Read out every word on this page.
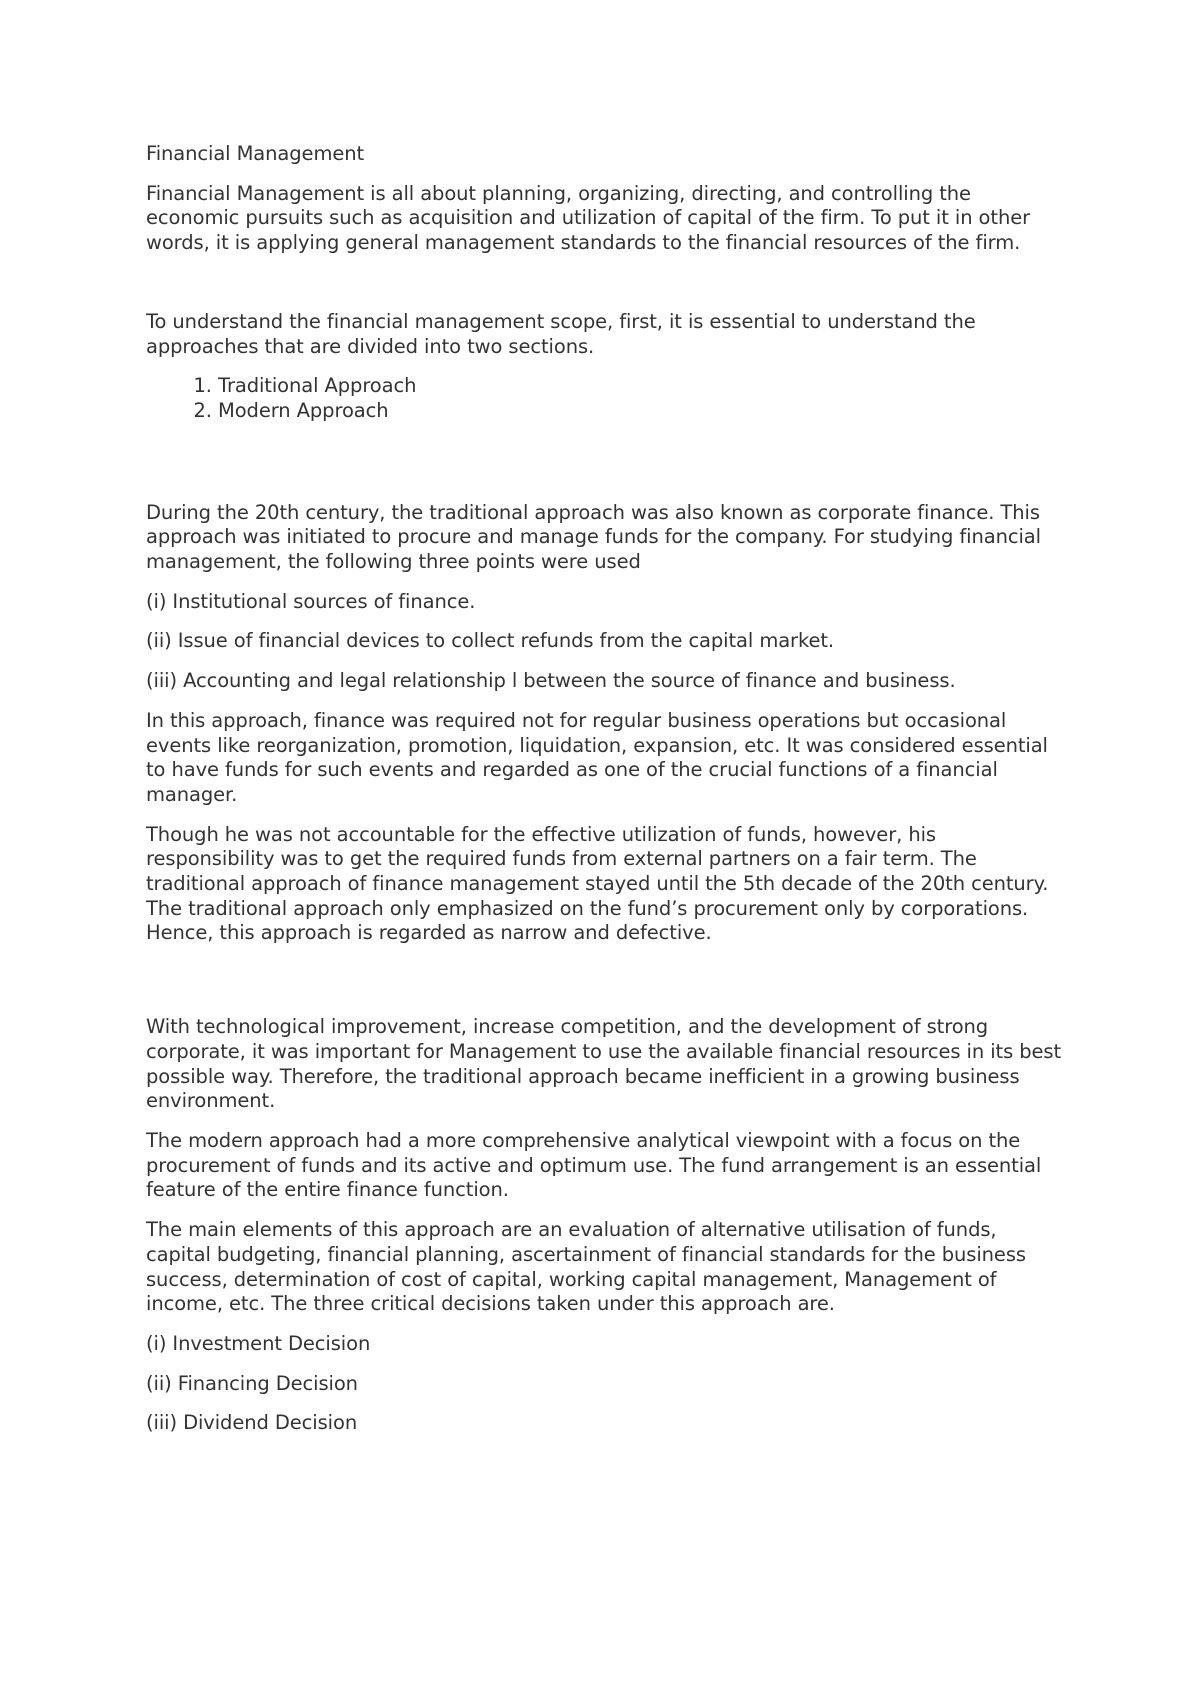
Financial Management

Financial Management is all about planning, organizing, directing, and controlling the economic pursuits such as acquisition and utilization of capital of the firm. To put it in other words, it is applying general management standards to the financial resources of the firm.

To understand the financial management scope, first, it is essential to understand the approaches that are divided into two sections.

1. Traditional Approach
2. Modern Approach

During the 20th century, the traditional approach was also known as corporate finance. This approach was initiated to procure and manage funds for the company. For studying financial management, the following three points were used

(i) Institutional sources of finance.

(ii) Issue of financial devices to collect refunds from the capital market.

(iii) Accounting and legal relationship l between the source of finance and business.

In this approach, finance was required not for regular business operations but occasional events like reorganization, promotion, liquidation, expansion, etc. It was considered essential to have funds for such events and regarded as one of the crucial functions of a financial manager.

Though he was not accountable for the effective utilization of funds, however, his responsibility was to get the required funds from external partners on a fair term. The traditional approach of finance management stayed until the 5th decade of the 20th century. The traditional approach only emphasized on the fund’s procurement only by corporations. Hence, this approach is regarded as narrow and defective.

With technological improvement, increase competition, and the development of strong corporate, it was important for Management to use the available financial resources in its best possible way. Therefore, the traditional approach became inefficient in a growing business environment.

The modern approach had a more comprehensive analytical viewpoint with a focus on the procurement of funds and its active and optimum use. The fund arrangement is an essential feature of the entire finance function.

The main elements of this approach are an evaluation of alternative utilisation of funds, capital budgeting, financial planning, ascertainment of financial standards for the business success, determination of cost of capital, working capital management, Management of income, etc. The three critical decisions taken under this approach are.

(i) Investment Decision

(ii) Financing Decision

(iii) Dividend Decision
